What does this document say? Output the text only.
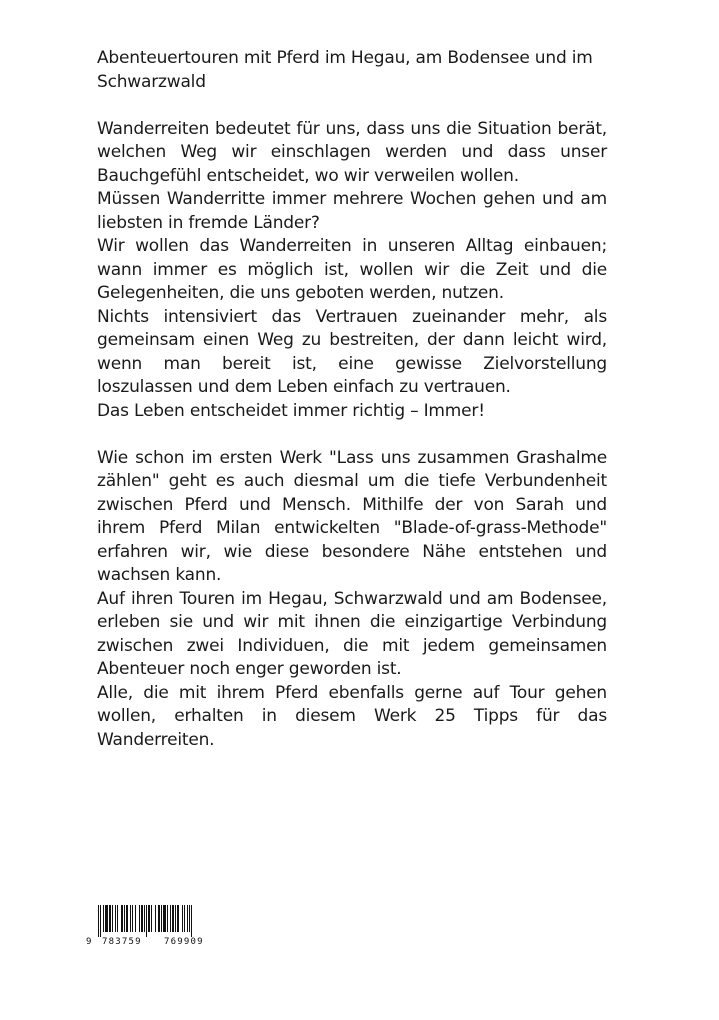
Abenteuertouren mit Pferd im Hegau, am Bodensee und im
Schwarzwald

Wanderreiten bedeutet für uns, dass uns die Situation berät, welchen Weg wir einschlagen werden und dass unser Bauchgefühl entscheidet, wo wir verweilen wollen.

Müssen Wanderritte immer mehrere Wochen gehen und am liebsten in fremde Länder?

Wir wollen das Wanderreiten in unseren Alltag einbauen; wann immer es möglich ist, wollen wir die Zeit und die Gelegenheiten, die uns geboten werden, nutzen.

Nichts intensiviert das Vertrauen zueinander mehr, als gemeinsam einen Weg zu bestreiten, der dann leicht wird, wenn man bereit ist, eine gewisse Zielvorstellung loszulassen und dem Leben einfach zu vertrauen.

Das Leben entscheidet immer richtig – Immer!

Wie schon im ersten Werk "Lass uns zusammen Grashalme zählen" geht es auch diesmal um die tiefe Verbundenheit zwischen Pferd und Mensch. Mithilfe der von Sarah und ihrem Pferd Milan entwickelten "Blade-of-grass-Methode" erfahren wir, wie diese besondere Nähe entstehen und wachsen kann.

Auf ihren Touren im Hegau, Schwarzwald und am Bodensee, erleben sie und wir mit ihnen die einzigartige Verbindung zwischen zwei Individuen, die mit jedem gemeinsamen Abenteuer noch enger geworden ist.

Alle, die mit ihrem Pferd ebenfalls gerne auf Tour gehen wollen, erhalten in diesem Werk 25 Tipps für das Wanderreiten.

9 783759 769909
